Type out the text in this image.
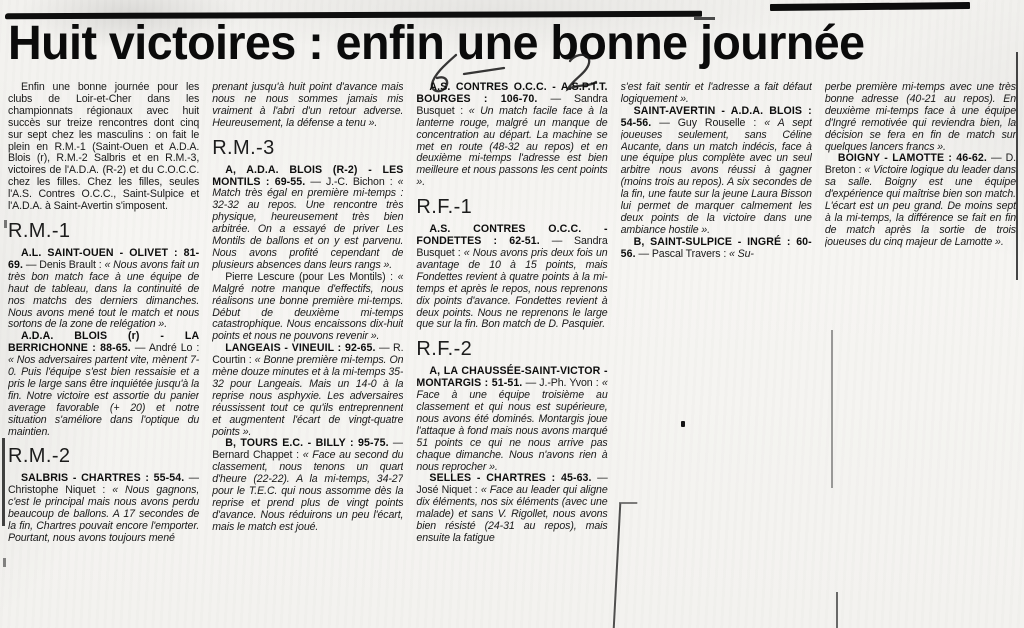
Huit victoires : enfin une bonne journée

Enfin une bonne journée pour les clubs de Loir-et-Cher dans les championnats régionaux avec huit succès sur treize rencontres dont cinq sur sept chez les masculins : on fait le plein en R.M.-1 (Saint-Ouen et A.D.A. Blois (r), R.M.-2 Salbris et en R.M.-3, victoires de l'A.D.A. (R-2) et du C.O.C.C. chez les filles. Chez les filles, seules l'A.S. Contres O.C.C., Saint-Sulpice et l'A.D.A. à Saint-Avertin s'imposent.

R.M.-1

A.L. SAINT-OUEN - OLIVET : 81-69. — Denis Brault : « Nous avons fait un très bon match face à une équipe de haut de tableau, dans la continuité de nos matchs des derniers dimanches. Nous avons mené tout le match et nous sortons de la zone de relégation ».

A.D.A. BLOIS (r) - LA BERRICHONNE : 88-65. — André Lo : « Nos adversaires partent vite, mènent 7-0. Puis l'équipe s'est bien ressaisie et a pris le large sans être inquiétée jusqu'à la fin. Notre victoire est assortie du panier average favorable (+ 20) et notre situation s'améliore dans l'optique du maintien.

R.M.-2

SALBRIS - CHARTRES : 55-54. — Christophe Niquet : « Nous gagnons, c'est le principal mais nous avons perdu beaucoup de ballons. A 17 secondes de la fin, Chartres pouvait encore l'emporter. Pourtant, nous avons toujours mené

prenant jusqu'à huit point d'avance mais nous ne nous sommes jamais mis vraiment à l'abri d'un retour adverse. Heureusement, la défense a tenu ».

R.M.-3

A, A.D.A. BLOIS (R-2) - LES MONTILS : 69-55. — J.-C. Bichon : « Match très égal en première mi-temps : 32-32 au repos. Une rencontre très physique, heureusement très bien arbitrée. On a essayé de priver Les Montils de ballons et on y est parvenu. Nous avons profité cependant de plusieurs absences dans leurs rangs ».

Pierre Lescure (pour Les Montils) : « Malgré notre manque d'effectifs, nous réalisons une bonne première mi-temps. Début de deuxième mi-temps catastrophique. Nous encaissons dix-huit points et nous ne pouvons revenir ».

LANGEAIS - VINEUIL : 92-65. — R. Courtin : « Bonne première mi-temps. On mène douze minutes et à la mi-temps 35-32 pour Langeais. Mais un 14-0 à la reprise nous asphyxie. Les adversaires réussissent tout ce qu'ils entreprennent et augmentent l'écart de vingt-quatre points ».

B, TOURS E.C. - BILLY : 95-75. — Bernard Chappet : « Face au second du classement, nous tenons un quart d'heure (22-22). A la mi-temps, 34-27 pour le T.E.C. qui nous assomme dès la reprise et prend plus de vingt points d'avance. Nous réduirons un peu l'écart, mais le match est joué.

A.S. CONTRES O.C.C. - A.S.P.T.T. BOURGES : 106-70. — Sandra Busquet : « Un match facile face à la lanterne rouge, malgré un manque de concentration au départ. La machine se met en route (48-32 au repos) et en deuxième mi-temps l'adresse est bien meilleure et nous passons les cent points ».

R.F.-1

A.S. CONTRES O.C.C. - FONDETTES : 62-51. — Sandra Busquet : « Nous avons pris deux fois un avantage de 10 à 15 points, mais Fondettes revient à quatre points à la mi-temps et après le repos, nous reprenons dix points d'avance. Fondettes revient à deux points. Nous ne reprenons le large que sur la fin. Bon match de D. Pasquier.

R.F.-2

A, LA CHAUSSÉE-SAINT-VICTOR - MONTARGIS : 51-51. — J.-Ph. Yvon : « Face à une équipe troisième au classement et qui nous est supérieure, nous avons été dominés. Montargis joue l'attaque à fond mais nous avons marqué 51 points ce qui ne nous arrive pas chaque dimanche. Nous n'avons rien à nous reprocher ».

SELLES - CHARTRES : 45-63. — José Niquet : « Face au leader qui aligne dix éléments, nos six éléments (avec une malade) et sans V. Rigollet, nous avons bien résisté (24-31 au repos), mais ensuite la fatigue

s'est fait sentir et l'adresse a fait défaut logiquement ».

SAINT-AVERTIN - A.D.A. BLOIS : 54-56. — Guy Rouselle : « A sept joueuses seulement, sans Céline Aucante, dans un match indécis, face à une équipe plus complète avec un seul arbitre nous avons réussi à gagner (moins trois au repos). A six secondes de la fin, une faute sur la jeune Laura Bisson lui permet de marquer calmement les deux points de la victoire dans une ambiance hostile ».

B, SAINT-SULPICE - INGRÉ : 60-56. — Pascal Travers : « Su-

perbe première mi-temps avec une très bonne adresse (40-21 au repos). En deuxième mi-temps face à une équipe d'Ingré remotivée qui reviendra bien, la décision se fera en fin de match sur quelques lancers francs ».

BOIGNY - LAMOTTE : 46-62. — D. Breton : « Victoire logique du leader dans sa salle. Boigny est une équipe d'expérience qui maîtrise bien son match. L'écart est un peu grand. De moins sept à la mi-temps, la différence se fait en fin de match après la sortie de trois joueuses du cinq majeur de Lamotte ».
